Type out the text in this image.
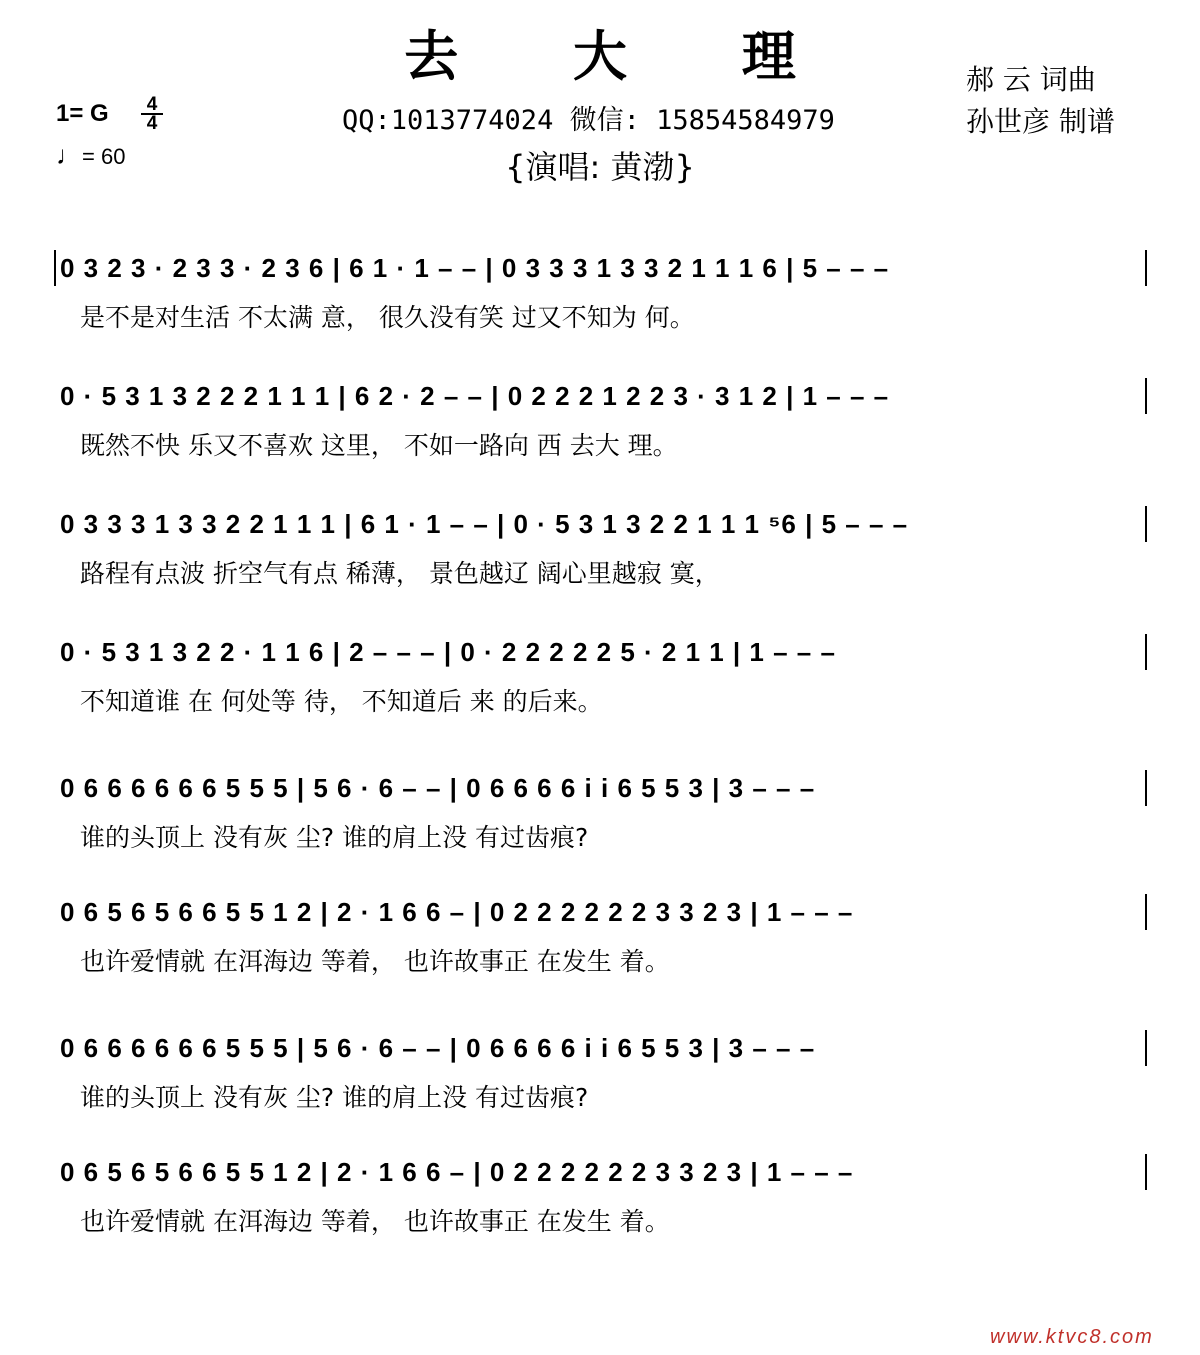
去 大 理	郝 云 词曲
孙世彦 制谱
1= G	4
4
♩= 60
QQ:1013774024 微信: 15854584979
{演唱: 黄渤}
0 3 2 3 · 2 3 3 · 2 3 6 | 6 1 · 1 – – | 0 3 3 3 1 3 3 2 1 1 1 6 | 5 – – –
是不是对生活 不太满 意， 很久没有笑 过又不知为 何。
0 · 5 3 1 3 2 2 2 1 1 1 | 6 2 · 2 – – | 0 2 2 2 1 2 2 3 · 3 1 2 | 1 – – –
既然不快 乐又不喜欢 这里， 不如一路向 西 去大 理。
0 3 3 3 1 3 3 2 2 1 1 1 | 6 1 · 1 – – | 0 · 5 3 1 3 2 2 1 1 1 ⁵6 | 5 – – –
路程有点波 折空气有点 稀薄， 景色越辽 阔心里越寂 寞，
0 · 5 3 1 3 2 2 · 1 1 6 | 2 – – – | 0 · 2 2 2 2 2 5 · 2 1 1 | 1 – – –
不知道谁 在 何处等 待， 不知道后 来 的后来。
0 6 6 6 6 6 6 5 5 5 | 5 6 · 6 – – | 0 6 6 6 6 i i 6 5 5 3 | 3 – – –
谁的头顶上 没有灰 尘? 谁的肩上没 有过齿痕?
0 6 5 6 5 6 6 5 5 1 2 | 2 · 1 6 6 – | 0 2 2 2 2 2 2 3 3 2 3 | 1 – – –
也许爱情就 在洱海边 等着， 也许故事正 在发生 着。
0 6 6 6 6 6 6 5 5 5 | 5 6 · 6 – – | 0 6 6 6 6 i i 6 5 5 3 | 3 – – –
谁的头顶上 没有灰 尘? 谁的肩上没 有过齿痕?
0 6 5 6 5 6 6 5 5 1 2 | 2 · 1 6 6 – | 0 2 2 2 2 2 2 3 3 2 3 | 1 – – –
也许爱情就 在洱海边 等着， 也许故事正 在发生 着。
www.ktvc8.com
